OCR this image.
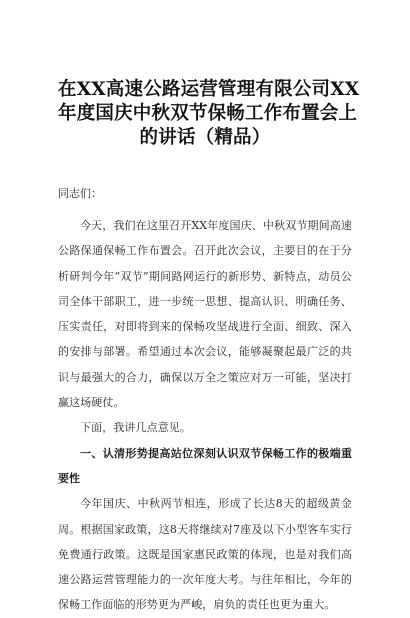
在XX高速公路运营管理有限公司XX
年度国庆中秋双节保畅工作布置会上
的讲话（精品）

同志们：

今天，我们在这里召开XX年度国庆、中秋双节期间高速公路保通保畅工作布置会。召开此次会议，主要目的在于分析研判今年“双节”期间路网运行的新形势、新特点，动员公司全体干部职工，进一步统一思想、提高认识、明确任务、压实责任，对即将到来的保畅攻坚战进行全面、细致、深入的安排与部署。希望通过本次会议，能够凝聚起最广泛的共识与最强大的合力，确保以万全之策应对万一可能，坚决打赢这场硬仗。

下面，我讲几点意见。

一、认清形势提高站位深刻认识双节保畅工作的极端重要性

今年国庆、中秋两节相连，形成了长达8天的超级黄金周。根据国家政策，这8天将继续对7座及以下小型客车实行免费通行政策。这既是国家惠民政策的体现，也是对我们高速公路运营管理能力的一次年度大考。与往年相比，今年的保畅工作面临的形势更为严峻，肩负的责任也更为重大。
